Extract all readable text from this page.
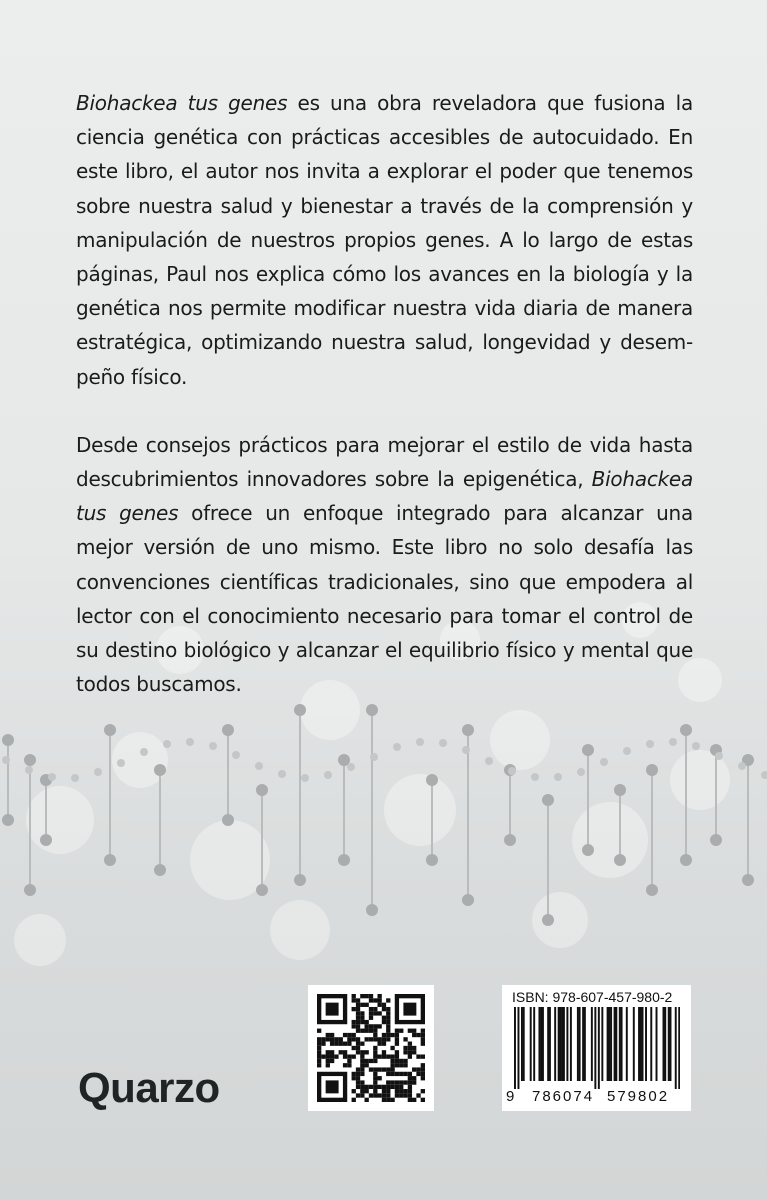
Biohackea tus genes es una obra reveladora que fusiona la ciencia genética con prácticas accesibles de autocuidado. En este libro, el autor nos invita a explorar el poder que tenemos sobre nuestra salud y bienestar a través de la comprensión y manipulación de nuestros propios genes. A lo largo de estas páginas, Paul nos explica cómo los avances en la biología y la genética nos permite modificar nuestra vida diaria de manera estratégica, optimizando nuestra salud, longevidad y desem-peño físico.

Desde consejos prácticos para mejorar el estilo de vida hasta descubrimientos innovadores sobre la epigenética, Biohackea tus genes ofrece un enfoque integrado para alcanzar una mejor versión de uno mismo. Este libro no solo desafía las convenciones científicas tradicionales, sino que empodera al lector con el conocimiento necesario para tomar el control de su destino biológico y alcanzar el equilibrio físico y mental que todos buscamos.

Quarzo
ISBN: 978-607-457-980-2
9 786074 579802
